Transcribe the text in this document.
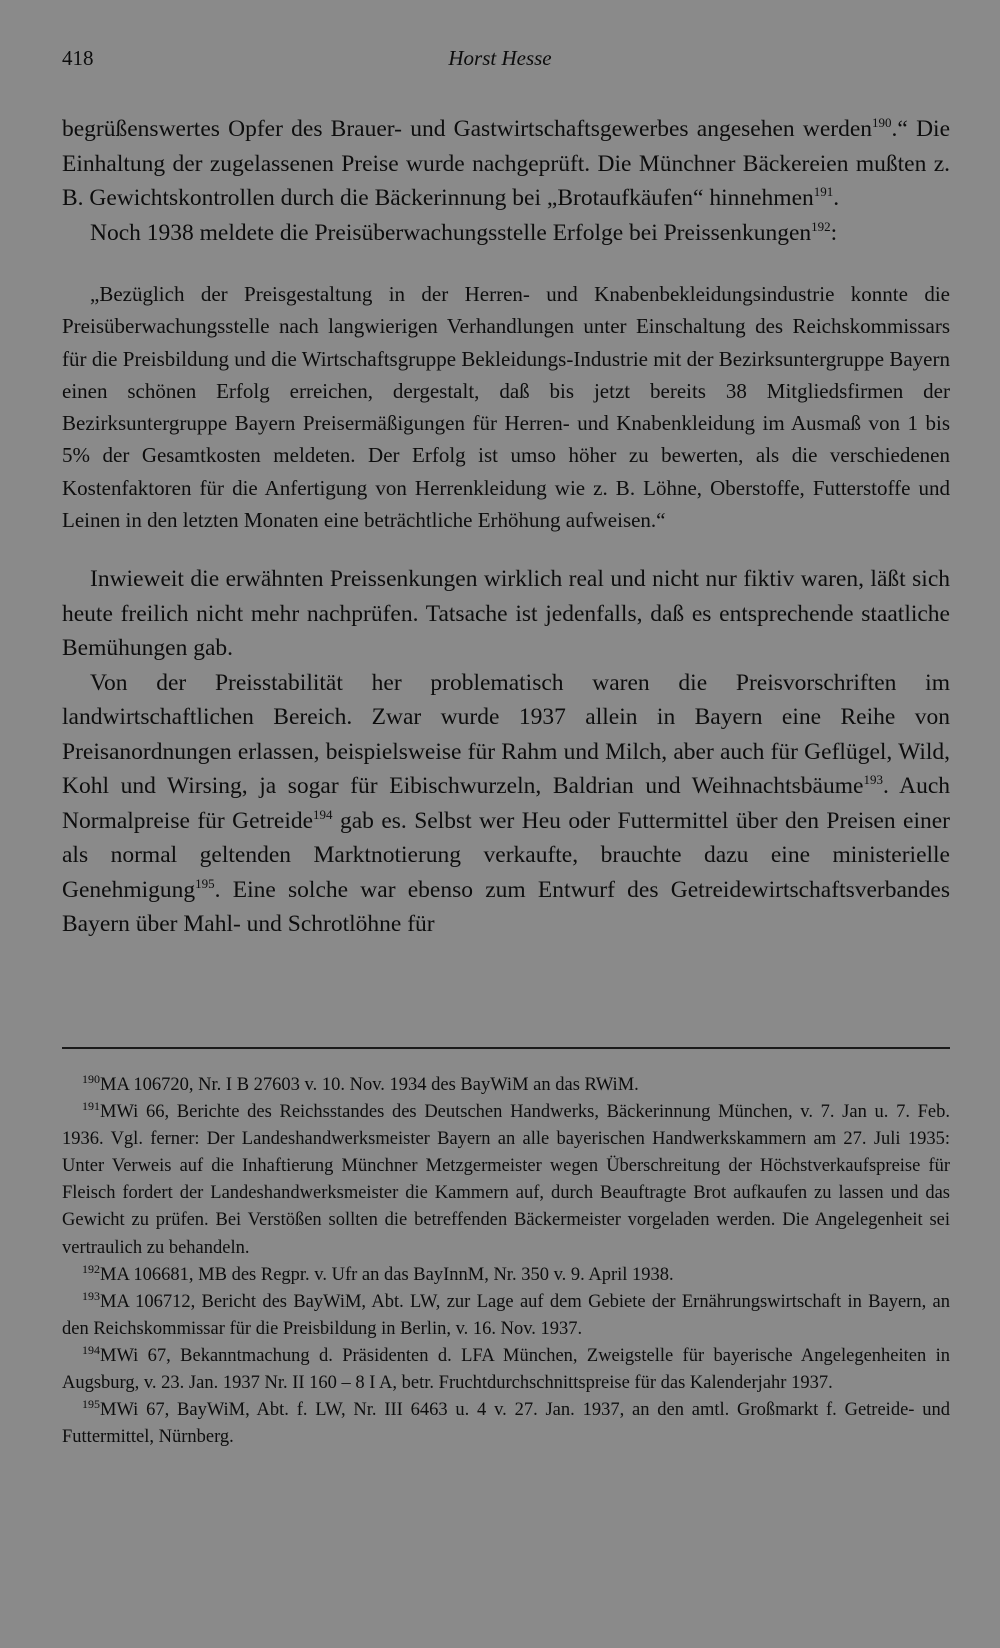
418	Horst Hesse

begrüßenswertes Opfer des Brauer- und Gastwirtschaftsgewerbes angesehen werden$^{190}$.“ Die Einhaltung der zugelassenen Preise wurde nachgeprüft. Die Münchner Bäckereien mußten z. B. Gewichtskontrollen durch die Bäckerinnung bei „Brotaufkäufen“ hinnehmen$^{191}$.

Noch 1938 meldete die Preisüberwachungsstelle Erfolge bei Preissenkungen$^{192}$:

„Bezüglich der Preisgestaltung in der Herren- und Knabenbekleidungsindustrie konnte die Preisüberwachungsstelle nach langwierigen Verhandlungen unter Einschaltung des Reichskommissars für die Preisbildung und die Wirtschaftsgruppe Bekleidungs-Industrie mit der Bezirksuntergruppe Bayern einen schönen Erfolg erreichen, dergestalt, daß bis jetzt bereits 38 Mitgliedsfirmen der Bezirksuntergruppe Bayern Preisermäßigungen für Herren- und Knabenkleidung im Ausmaß von 1 bis 5% der Gesamtkosten meldeten. Der Erfolg ist umso höher zu bewerten, als die verschiedenen Kostenfaktoren für die Anfertigung von Herrenkleidung wie z. B. Löhne, Oberstoffe, Futterstoffe und Leinen in den letzten Monaten eine beträchtliche Erhöhung aufweisen.“

Inwieweit die erwähnten Preissenkungen wirklich real und nicht nur fiktiv waren, läßt sich heute freilich nicht mehr nachprüfen. Tatsache ist jedenfalls, daß es entsprechende staatliche Bemühungen gab.

Von der Preisstabilität her problematisch waren die Preisvorschriften im landwirtschaftlichen Bereich. Zwar wurde 1937 allein in Bayern eine Reihe von Preisanordnungen erlassen, beispielsweise für Rahm und Milch, aber auch für Geflügel, Wild, Kohl und Wirsing, ja sogar für Eibischwurzeln, Baldrian und Weihnachtsbäume$^{193}$. Auch Normalpreise für Getreide$^{194}$ gab es. Selbst wer Heu oder Futtermittel über den Preisen einer als normal geltenden Marktnotierung verkaufte, brauchte dazu eine ministerielle Genehmigung$^{195}$. Eine solche war ebenso zum Entwurf des Getreidewirtschaftsverbandes Bayern über Mahl- und Schrotlöhne für

$^{190}$MA 106720, Nr. I B 27603 v. 10. Nov. 1934 des BayWiM an das RWiM.

$^{191}$MWi 66, Berichte des Reichsstandes des Deutschen Handwerks, Bäckerinnung München, v. 7. Jan u. 7. Feb. 1936. Vgl. ferner: Der Landeshandwerksmeister Bayern an alle bayerischen Handwerkskammern am 27. Juli 1935: Unter Verweis auf die Inhaftierung Münchner Metzgermeister wegen Überschreitung der Höchstverkaufspreise für Fleisch fordert der Landeshandwerksmeister die Kammern auf, durch Beauftragte Brot aufkaufen zu lassen und das Gewicht zu prüfen. Bei Verstößen sollten die betreffenden Bäckermeister vorgeladen werden. Die Angelegenheit sei vertraulich zu behandeln.

$^{192}$MA 106681, MB des Regpr. v. Ufr an das BayInnM, Nr. 350 v. 9. April 1938.

$^{193}$MA 106712, Bericht des BayWiM, Abt. LW, zur Lage auf dem Gebiete der Ernährungswirtschaft in Bayern, an den Reichskommissar für die Preisbildung in Berlin, v. 16. Nov. 1937.

$^{194}$MWi 67, Bekanntmachung d. Präsidenten d. LFA München, Zweigstelle für bayerische Angelegenheiten in Augsburg, v. 23. Jan. 1937 Nr. II 160 – 8 I A, betr. Fruchtdurchschnittspreise für das Kalenderjahr 1937.

$^{195}$MWi 67, BayWiM, Abt. f. LW, Nr. III 6463 u. 4 v. 27. Jan. 1937, an den amtl. Großmarkt f. Getreide- und Futtermittel, Nürnberg.
